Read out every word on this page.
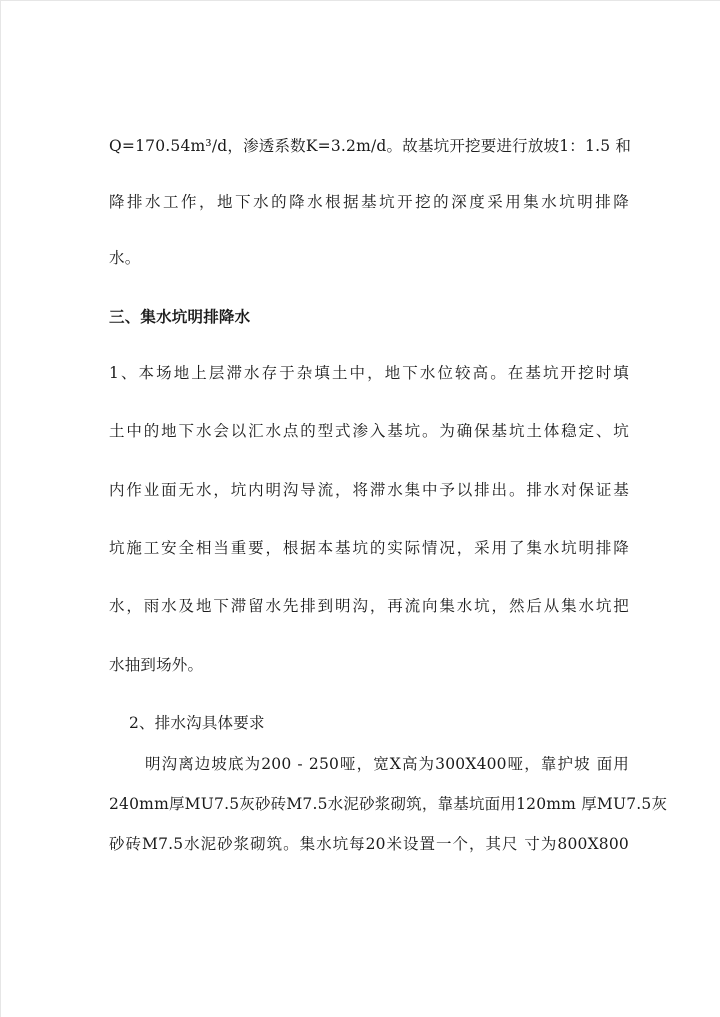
Q=170.54m³/d，渗透系数K=3.2m/d。故基坑开挖要进行放坡1：1.5 和
降排水工作，地下水的降水根据基坑开挖的深度采用集水坑明排降
水。
三、集水坑明排降水
1、本场地上层滞水存于杂填土中，地下水位较高。在基坑开挖时填
土中的地下水会以汇水点的型式渗入基坑。为确保基坑土体稳定、坑
内作业面无水，坑内明沟导流，将滞水集中予以排出。排水对保证基
坑施工安全相当重要，根据本基坑的实际情况，采用了集水坑明排降
水，雨水及地下滞留水先排到明沟，再流向集水坑，然后从集水坑把
水抽到场外。
2、排水沟具体要求
明沟离边坡底为200 - 250哑，宽X高为300X400哑，靠护坡 面用
240mm厚MU7.5灰砂砖M7.5水泥砂浆砌筑，靠基坑面用120mm 厚MU7.5灰
砂砖M7.5水泥砂浆砌筑。集水坑每20米设置一个，其尺 寸为800X800
